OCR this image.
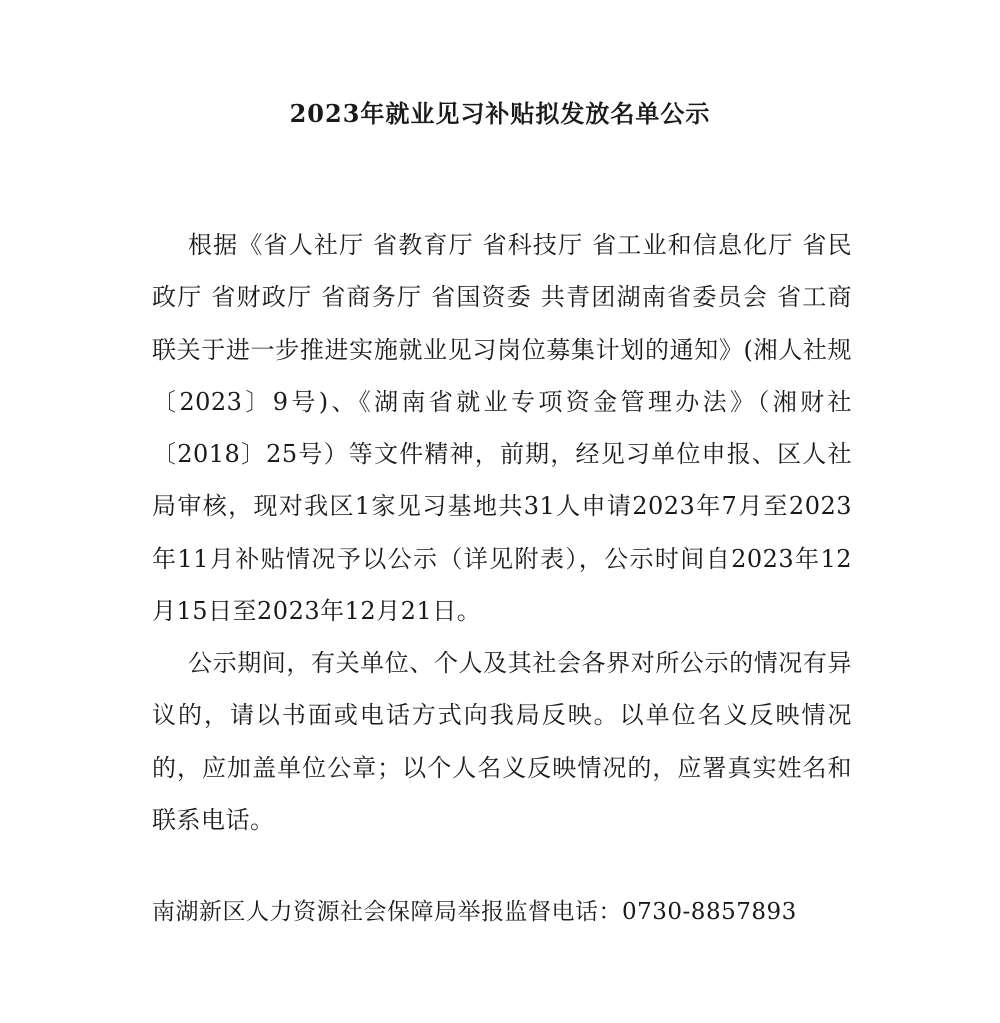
2023年就业见习补贴拟发放名单公示

根据《省人社厅 省教育厅 省科技厅 省工业和信息化厅 省民政厅 省财政厅 省商务厅 省国资委 共青团湖南省委员会 省工商联关于进一步推进实施就业见习岗位募集计划的通知》(湘人社规〔2023〕9号)、《湖南省就业专项资金管理办法》（湘财社〔2018〕25号）等文件精神，前期，经见习单位申报、区人社局审核，现对我区1家见习基地共31人申请2023年7月至2023年11月补贴情况予以公示（详见附表），公示时间自2023年12月15日至2023年12月21日。

公示期间，有关单位、个人及其社会各界对所公示的情况有异议的，请以书面或电话方式向我局反映。以单位名义反映情况的，应加盖单位公章；以个人名义反映情况的，应署真实姓名和联系电话。

南湖新区人力资源社会保障局举报监督电话：0730-8857893
